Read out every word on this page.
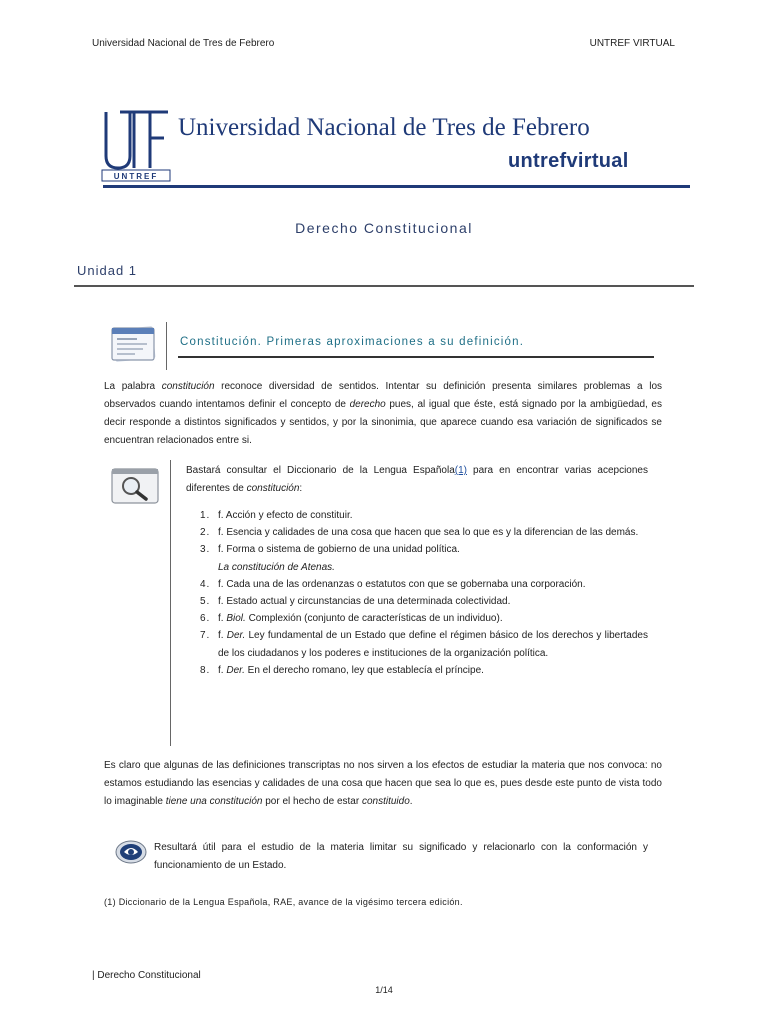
Universidad Nacional de Tres de Febrero	UNTREF VIRTUAL
UNTREF
Universidad Nacional de Tres de Febrero
untrefvirtual
Derecho Constitucional
Unidad 1
Constitución. Primeras aproximaciones a su definición.

La palabra constitución reconoce diversidad de sentidos. Intentar su definición presenta similares problemas a los observados cuando intentamos definir el concepto de derecho pues, al igual que éste, está signado por la ambigüedad, es decir responde a distintos significados y sentidos, y por la sinonimia, que aparece cuando esa variación de significados se encuentran relacionados entre si.

Bastará consultar el Diccionario de la Lengua Española(1) para en encontrar varias acepciones diferentes de constitución:

1. f. Acción y efecto de constituir.
2. f. Esencia y calidades de una cosa que hacen que sea lo que es y la diferencian de las demás.
3. f. Forma o sistema de gobierno de una unidad política.
La constitución de Atenas.
4. f. Cada una de las ordenanzas o estatutos con que se gobernaba una corporación.
5. f. Estado actual y circunstancias de una determinada colectividad.
6. f. Biol. Complexión (conjunto de características de un individuo).
7. f. Der. Ley fundamental de un Estado que define el régimen básico de los derechos y libertades de los ciudadanos y los poderes e instituciones de la organización política.
8. f. Der. En el derecho romano, ley que establecía el príncipe.

Es claro que algunas de las definiciones transcriptas no nos sirven a los efectos de estudiar la materia que nos convoca: no estamos estudiando las esencias y calidades de una cosa que hacen que sea lo que es, pues desde este punto de vista todo lo imaginable tiene una constitución por el hecho de estar constituido.

Resultará útil para el estudio de la materia limitar su significado y relacionarlo con la conformación y funcionamiento de un Estado.

(1) Diccionario de la Lengua Española, RAE, avance de la vigésimo tercera edición.
| Derecho Constitucional
1/14
